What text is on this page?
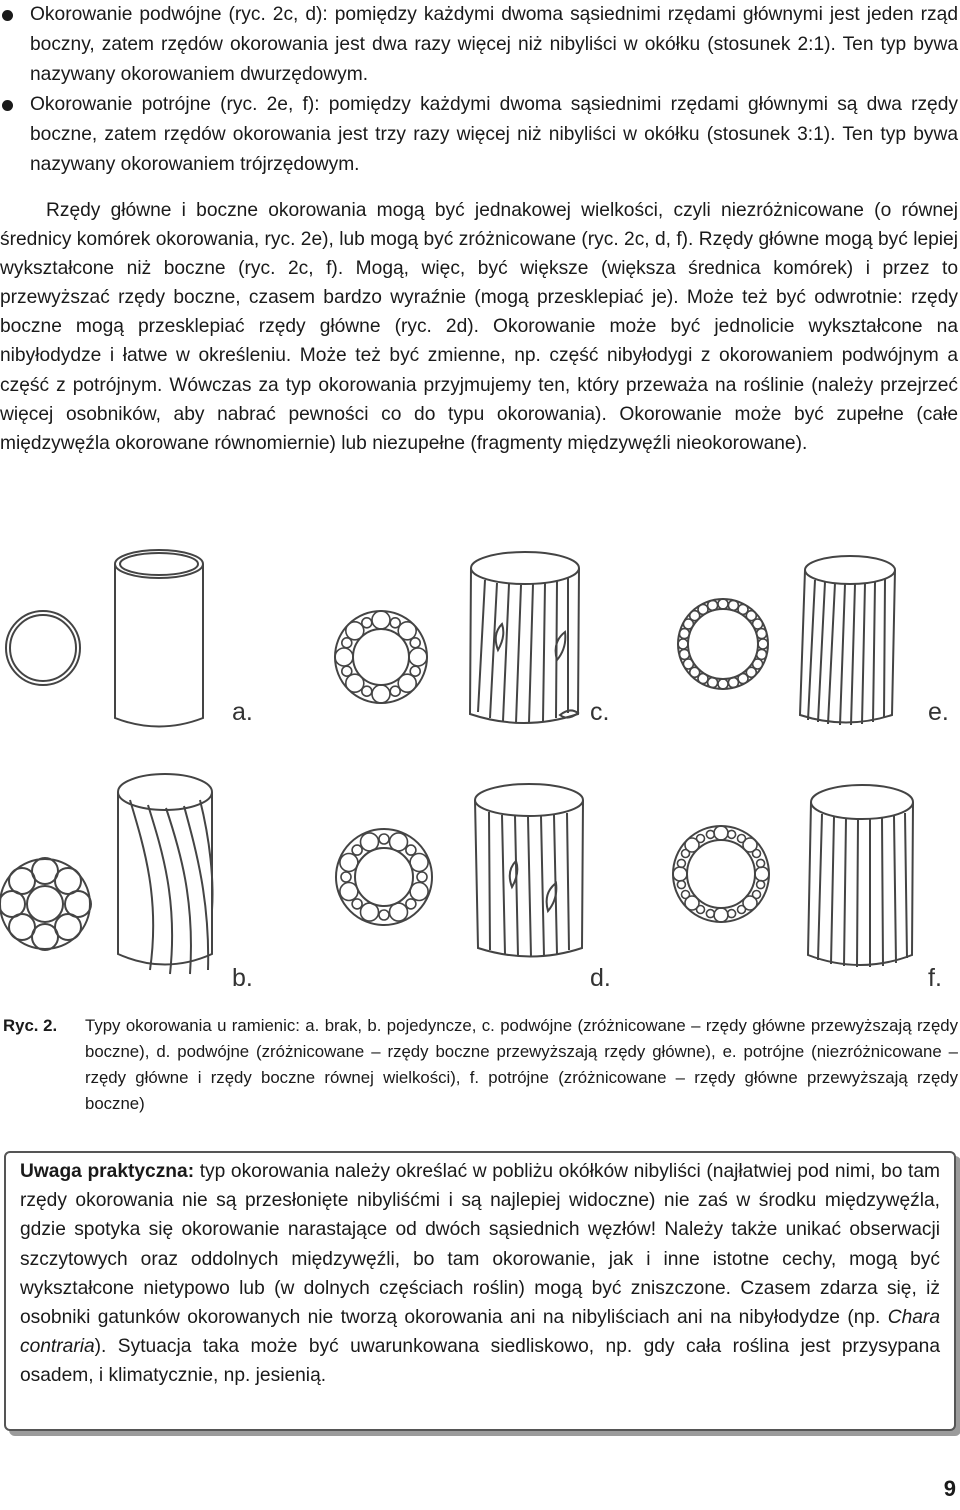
Okorowanie podwójne (ryc. 2c, d): pomiędzy każdymi dwoma sąsiednimi rzędami głównymi jest jeden rząd boczny, zatem rzędów okorowania jest dwa razy więcej niż nibyliści w okółku (stosunek 2:1). Ten typ bywa nazywany okorowaniem dwurzędowym.
Okorowanie potrójne (ryc. 2e, f): pomiędzy każdymi dwoma sąsiednimi rzędami głównymi są dwa rzędy boczne, zatem rzędów okorowania jest trzy razy więcej niż nibyliści w okółku (stosunek 3:1). Ten typ bywa nazywany okorowaniem trójrzędowym.
Rzędy główne i boczne okorowania mogą być jednakowej wielkości, czyli niezróżnicowane (o równej średnicy komórek okorowania, ryc. 2e), lub mogą być zróżnicowane (ryc. 2c, d, f). Rzędy główne mogą być lepiej wykształcone niż boczne (ryc. 2c, f). Mogą, więc, być większe (większa średnica komórek) i przez to przewyższać rzędy boczne, czasem bardzo wyraźnie (mogą przesklepiać je). Może też być odwrotnie: rzędy boczne mogą przesklepiać rzędy główne (ryc. 2d). Okorowanie może być jednolicie wykształcone na nibyłodydze i łatwe w określeniu. Może też być zmienne, np. część nibyłodygi z okorowaniem podwójnym a część z potrójnym. Wówczas za typ okorowania przyjmujemy ten, który przeważa na roślinie (należy przejrzeć więcej osobników, aby nabrać pewności co do typu okorowania). Okorowanie może być zupełne (całe międzywęźla okorowane równomiernie) lub niezupełne (fragmenty międzywęźli nieokorowane).
a.
b.
c.
d.
e.
f.
Ryc. 2. Typy okorowania u ramienic: a. brak, b. pojedyncze, c. podwójne (zróżnicowane – rzędy główne przewyższają rzędy boczne), d. podwójne (zróżnicowane – rzędy boczne przewyższają rzędy główne), e. potrójne (niezróżnicowane – rzędy główne i rzędy boczne równej wielkości), f. potrójne (zróżnicowane – rzędy główne przewyższają rzędy boczne)
Uwaga praktyczna: typ okorowania należy określać w pobliżu okółków nibyliści (najłatwiej pod nimi, bo tam rzędy okorowania nie są przesłonięte nibyliśćmi i są najlepiej widoczne) nie zaś w środku międzywęźla, gdzie spotyka się okorowanie narastające od dwóch sąsiednich węzłów! Należy także unikać obserwacji szczytowych oraz oddolnych międzywęźli, bo tam okorowanie, jak i inne istotne cechy, mogą być wykształcone nietypowo lub (w dolnych częściach roślin) mogą być zniszczone. Czasem zdarza się, iż osobniki gatunków okorowanych nie tworzą okorowania ani na nibyliściach ani na nibyłodydze (np. Chara contraria). Sytuacja taka może być uwarunkowana siedliskowo, np. gdy cała roślina jest przysypana osadem, i klimatycznie, np. jesienią.
9
